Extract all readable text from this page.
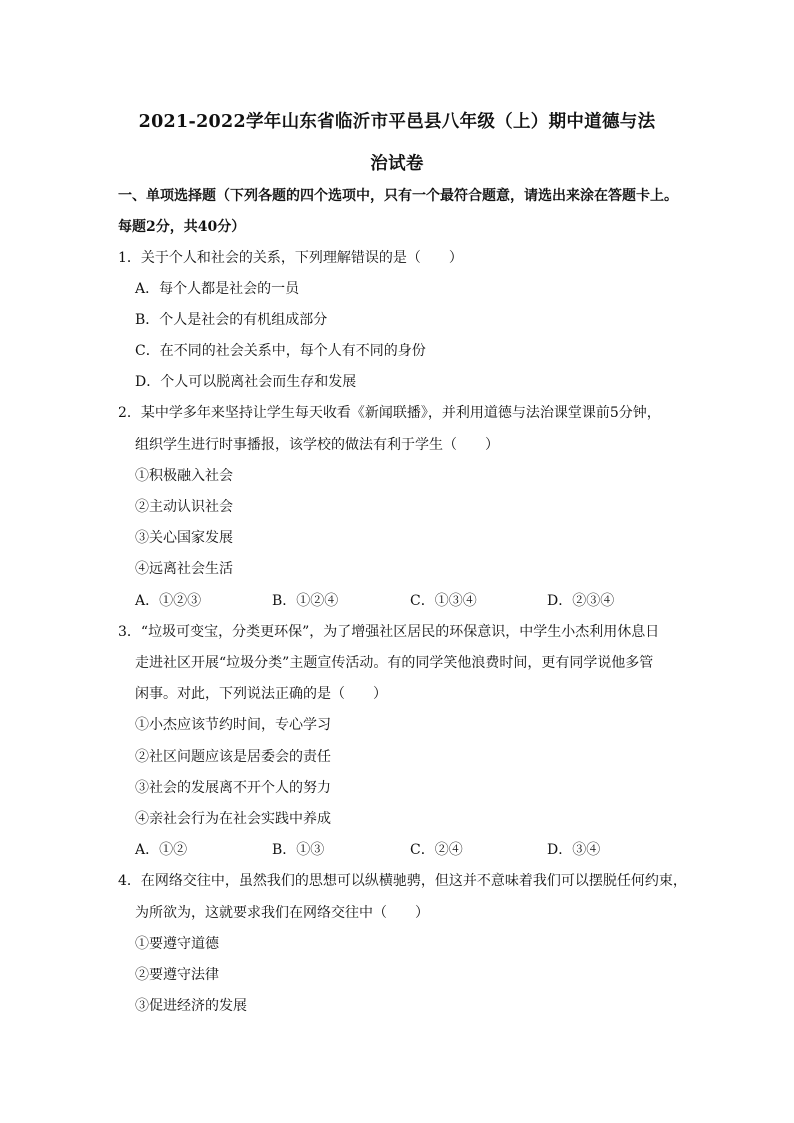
2021-2022学年山东省临沂市平邑县八年级（上）期中道德与法
治试卷
一、单项选择题（下列各题的四个选项中，只有一个最符合题意，请选出来涂在答题卡上。
每题2分，共40分）
1．关于个人和社会的关系，下列理解错误的是（　　）
A．每个人都是社会的一员
B．个人是社会的有机组成部分
C．在不同的社会关系中，每个人有不同的身份
D．个人可以脱离社会而生存和发展
2．某中学多年来坚持让学生每天收看《新闻联播》，并利用道德与法治课堂课前5分钟，
组织学生进行时事播报，该学校的做法有利于学生（　　）
①积极融入社会
②主动认识社会
③关心国家发展
④远离社会生活
A．①②③	B．①②④	C．①③④	D．②③④
3．“垃圾可变宝，分类更环保”，为了增强社区居民的环保意识，中学生小杰利用休息日
走进社区开展“垃圾分类”主题宣传活动。有的同学笑他浪费时间，更有同学说他多管
闲事。对此，下列说法正确的是（　　）
①小杰应该节约时间，专心学习
②社区问题应该是居委会的责任
③社会的发展离不开个人的努力
④亲社会行为在社会实践中养成
A．①②	B．①③	C．②④	D．③④
4．在网络交往中，虽然我们的思想可以纵横驰骋，但这并不意味着我们可以摆脱任何约束，
为所欲为，这就要求我们在网络交往中（　　）
①要遵守道德
②要遵守法律
③促进经济的发展
